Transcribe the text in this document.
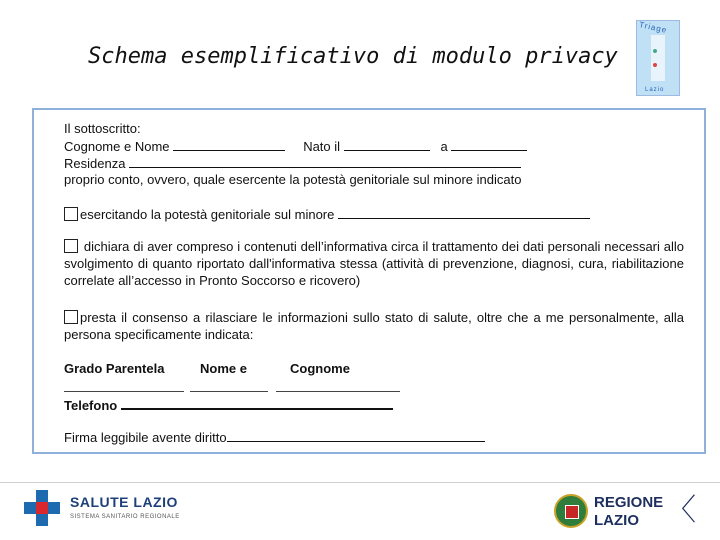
Schema esemplificativo di modulo privacy
Triage
Lazio
Il sottoscritto:
Cognome e Nome	Nato il	a
Residenza
proprio conto, ovvero, quale esercente la potestà genitoriale sul minore indicato
esercitando la potestà genitoriale sul minore
dichiara di aver compreso i contenuti dell’informativa circa il trattamento dei dati personali necessari allo svolgimento di quanto riportato dall'informativa stessa (attività di prevenzione, diagnosi, cura, riabilitazione correlate all’accesso in Pronto Soccorso e ricovero)
presta il consenso a rilasciare le informazioni sullo stato di salute, oltre che a me personalmente, alla persona specificamente indicata:
Grado Parentela	Nome e	Cognome
Telefono
Firma leggibile avente diritto
SALUTE LAZIO
SISTEMA SANITARIO REGIONALE
REGIONE
LAZIO 〈
